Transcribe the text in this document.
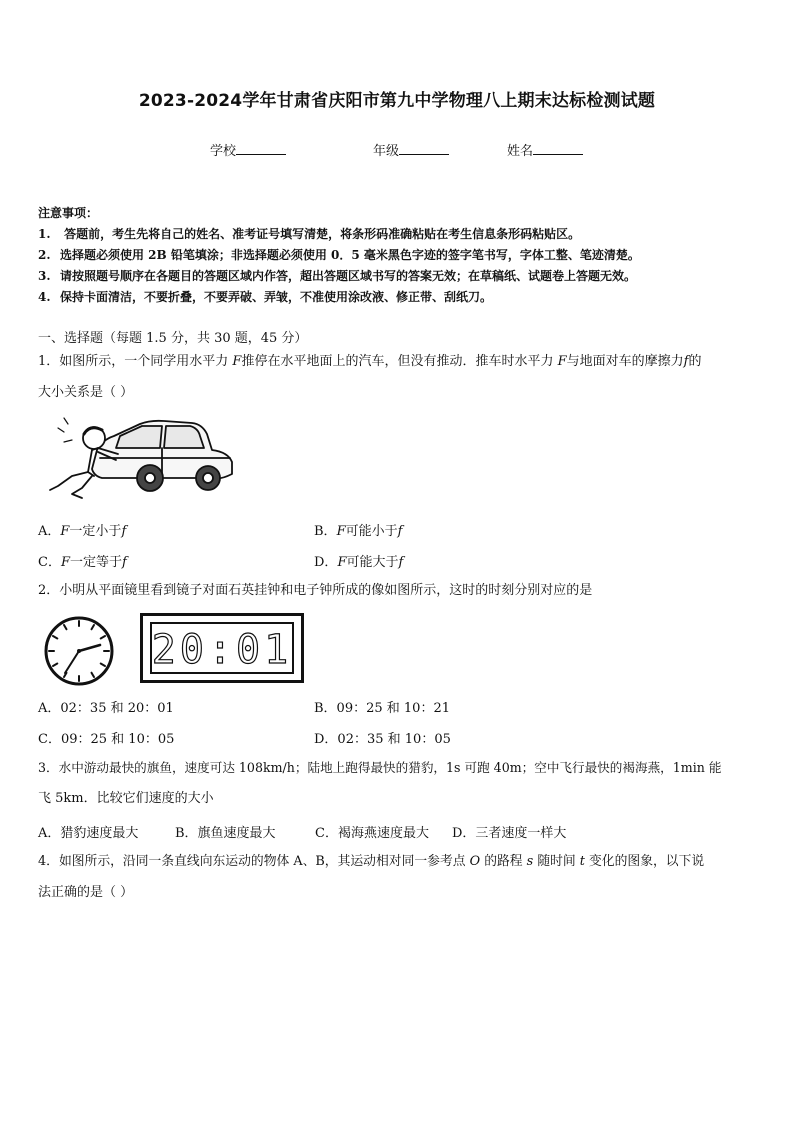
2023-2024学年甘肃省庆阳市第九中学物理八上期末达标检测试题
学校	年级	姓名
注意事项：
1. 答题前，考生先将自己的姓名、准考证号填写清楚，将条形码准确粘贴在考生信息条形码粘贴区。
2. 选择题必须使用 2B 铅笔填涂；非选择题必须使用 0．5 毫米黑色字迹的签字笔书写，字体工整、笔迹清楚。
3. 请按照题号顺序在各题目的答题区域内作答，超出答题区域书写的答案无效；在草稿纸、试题卷上答题无效。
4. 保持卡面清洁，不要折叠，不要弄破、弄皱，不准使用涂改液、修正带、刮纸刀。
一、选择题（每题 1.5 分，共 30 题，45 分）
1．如图所示，一个同学用水平力 F推停在水平地面上的汽车，但没有推动．推车时水平力 F与地面对车的摩擦力f的
大小关系是（ ）
A．F一定小于f	B．F可能小于f
C．F一定等于f	D．F可能大于f
2．小明从平面镜里看到镜子对面石英挂钟和电子钟所成的像如图所示，这时的时刻分别对应的是
20:01
A．02：35 和 20：01	B．09：25 和 10：21
C．09：25 和 10：05	D．02：35 和 10：05
3．水中游动最快的旗鱼，速度可达 108km/h；陆地上跑得最快的猎豹，1s 可跑 40m；空中飞行最快的褐海燕，1min 能
飞 5km．比较它们速度的大小
A．猎豹速度最大	B．旗鱼速度最大	C．褐海燕速度最大 D．三者速度一样大
4．如图所示，沿同一条直线向东运动的物体 A、B，其运动相对同一参考点 O 的路程 s 随时间 t 变化的图象，以下说
法正确的是（ ）
